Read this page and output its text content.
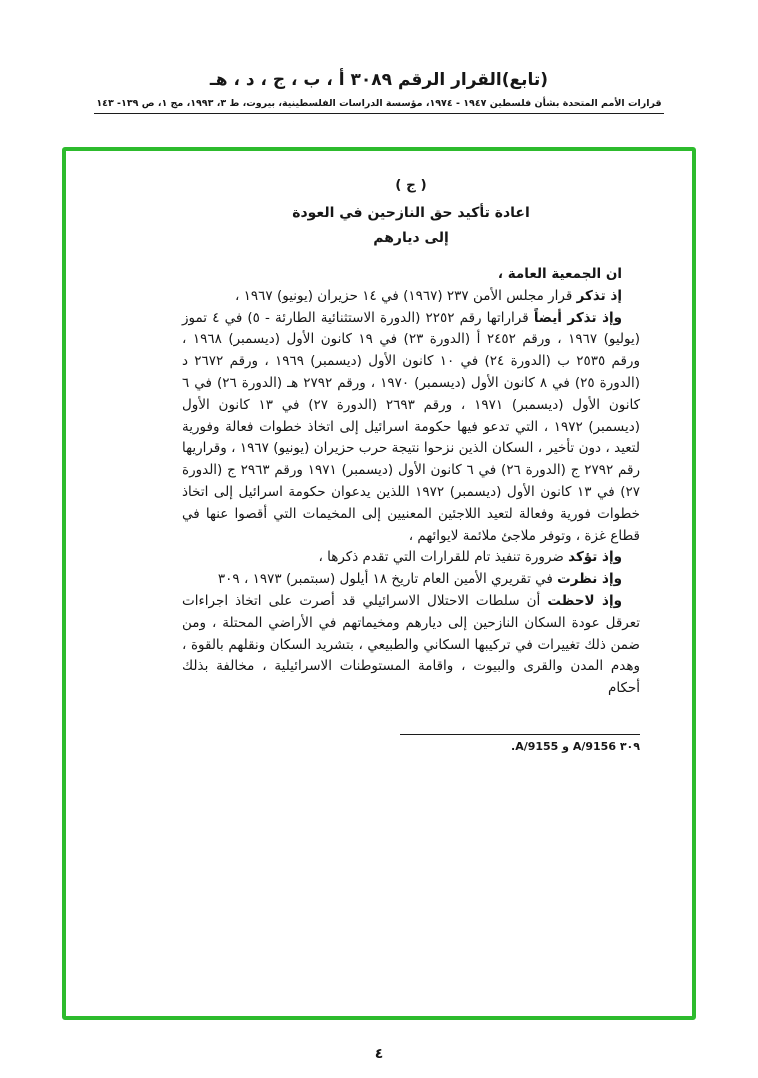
(تابع)القرار الرقم ٣٠٨٩ أ ، ب ، ج ، د ، هـ
قرارات الأمم المتحدة بشأن فلسطين ١٩٤٧ - ١٩٧٤، مؤسسة الدراسات الفلسطينية، بيروت، ط ٣، ١٩٩٣، مج ١، ص ١٣٩- ١٤٣
( ج )
اعادة تأكيد حق النازحين في العودة
إلى ديارهم

ان الجمعية العامة ،

إذ تذكر قرار مجلس الأمن ٢٣٧ (١٩٦٧) في ١٤ حزيران (يونيو) ١٩٦٧ ،

وإذ تذكر أيضاً قراراتها رقم ٢٢٥٢ (الدورة الاستثنائية الطارئة - ٥) في ٤ تموز (يوليو) ١٩٦٧ ، ورقم ٢٤٥٢ أ (الدورة ٢٣) في ١٩ كانون الأول (ديسمبر) ١٩٦٨ ، ورقم ٢٥٣٥ ب (الدورة ٢٤) في ١٠ كانون الأول (ديسمبر) ١٩٦٩ ، ورقم ٢٦٧٢ د (الدورة ٢٥) في ٨ كانون الأول (ديسمبر) ١٩٧٠ ، ورقم ٢٧٩٢ هـ (الدورة ٢٦) في ٦ كانون الأول (ديسمبر) ١٩٧١ ، ورقم ٢٦٩٣ (الدورة ٢٧) في ١٣ كانون الأول (ديسمبر) ١٩٧٢ ، التي تدعو فيها حكومة اسرائيل إلى اتخاذ خطوات فعالة وفورية لتعيد ، دون تأخير ، السكان الذين نزحوا نتيجة حرب حزيران (يونيو) ١٩٦٧ ، وقراريها رقم ٢٧٩٢ ج (الدورة ٢٦) في ٦ كانون الأول (ديسمبر) ١٩٧١ ورقم ٢٩٦٣ ج (الدورة ٢٧) في ١٣ كانون الأول (ديسمبر) ١٩٧٢ اللذين يدعوان حكومة اسرائيل إلى اتخاذ خطوات فورية وفعالة لتعيد اللاجئين المعنيين إلى المخيمات التي أقصوا عنها في قطاع غزة ، وتوفر ملاجئ ملائمة لايوائهم ،

وإذ تؤكد ضرورة تنفيذ تام للقرارات التي تقدم ذكرها ،

وإذ نظرت في تقريري الأمين العام تاريخ ١٨ أيلول (سبتمبر) ١٩٧٣ ، ٣٠٩

وإذ لاحظت أن سلطات الاحتلال الاسرائيلي قد أصرت على اتخاذ اجراءات تعرقل عودة السكان النازحين إلى ديارهم ومخيماتهم في الأراضي المحتلة ، ومن ضمن ذلك تغييرات في تركيبها السكاني والطبيعي ، بتشريد السكان ونقلهم بالقوة ، وهدم المدن والقرى والبيوت ، واقامة المستوطنات الاسرائيلية ، مخالفة بذلك أحكام

٣٠٩ A/9156 و A/9155.
٤
